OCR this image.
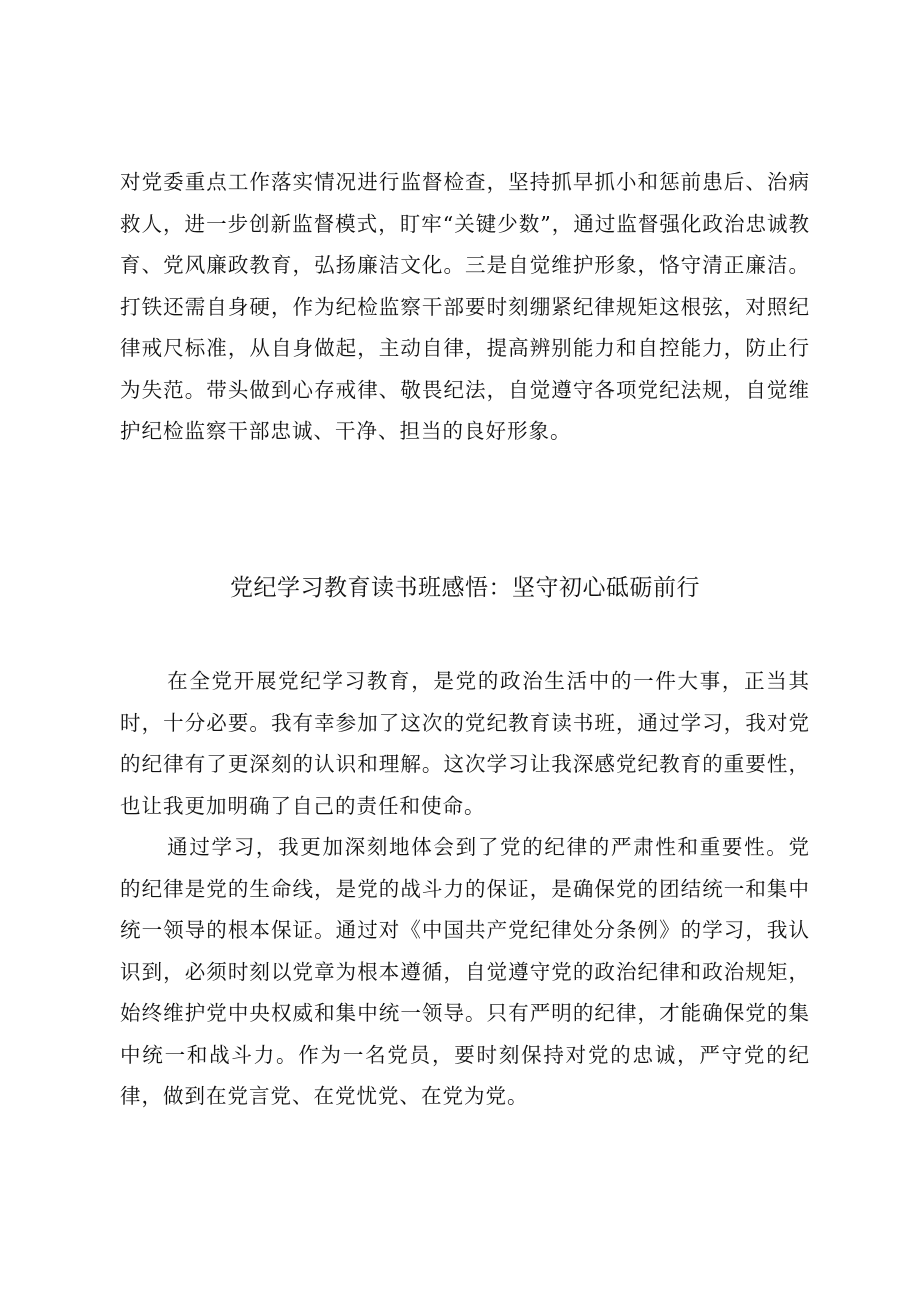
对党委重点工作落实情况进行监督检查，坚持抓早抓小和惩前患后、治病救人，进一步创新监督模式，盯牢“关键少数”，通过监督强化政治忠诚教育、党风廉政教育，弘扬廉洁文化。三是自觉维护形象，恪守清正廉洁。打铁还需自身硬，作为纪检监察干部要时刻绷紧纪律规矩这根弦，对照纪律戒尺标准，从自身做起，主动自律，提高辨别能力和自控能力，防止行为失范。带头做到心存戒律、敬畏纪法，自觉遵守各项党纪法规，自觉维护纪检监察干部忠诚、干净、担当的良好形象。

党纪学习教育读书班感悟：坚守初心砥砺前行

在全党开展党纪学习教育，是党的政治生活中的一件大事，正当其时，十分必要。我有幸参加了这次的党纪教育读书班，通过学习，我对党的纪律有了更深刻的认识和理解。这次学习让我深感党纪教育的重要性，也让我更加明确了自己的责任和使命。

通过学习，我更加深刻地体会到了党的纪律的严肃性和重要性。党的纪律是党的生命线，是党的战斗力的保证，是确保党的团结统一和集中统一领导的根本保证。通过对《中国共产党纪律处分条例》的学习，我认识到，必须时刻以党章为根本遵循，自觉遵守党的政治纪律和政治规矩，始终维护党中央权威和集中统一领导。只有严明的纪律，才能确保党的集中统一和战斗力。作为一名党员，要时刻保持对党的忠诚，严守党的纪律，做到在党言党、在党忧党、在党为党。
